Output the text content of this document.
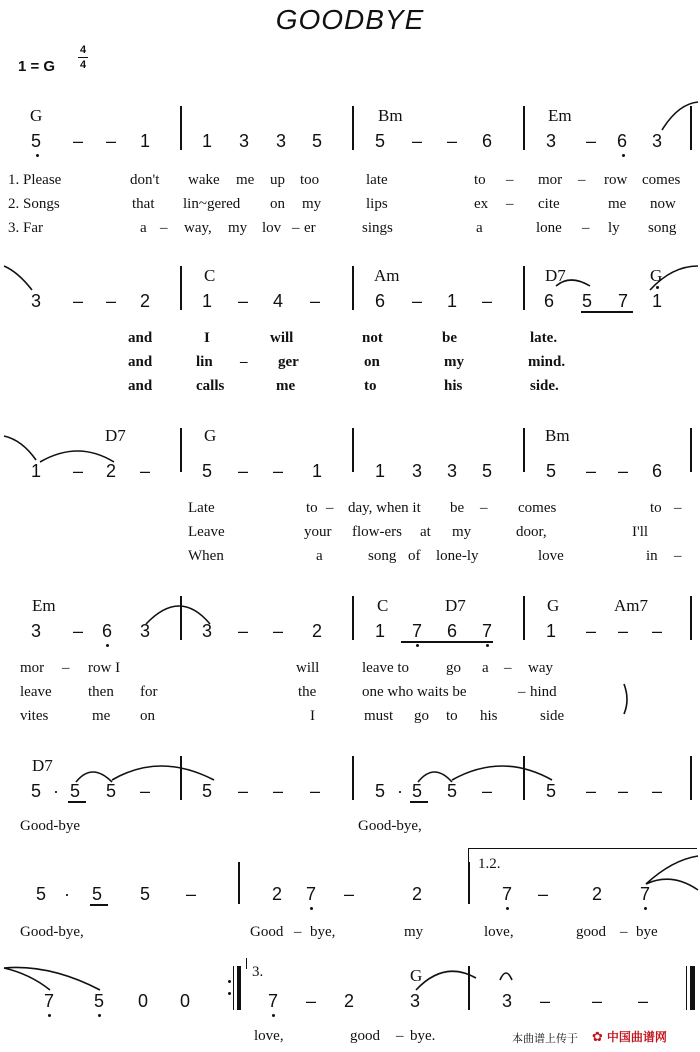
GOODBYE
1 = G
4
4
G	Bm	Em
C	Am	D7	G
D7	G	Bm
Em	C	D7	G	Am7
D7
G
5 – – 1	1 3 3 5	5 – – 6	3 – 6 3
3 – – 2	1 – 4 –	6 – 1 –	6 5 7 1
1 – 2 –	5 – – 1	1 3 3 5	5 – – 6
3 – 6 3	3 – – 2	1 7 6 7	1 – – –
5 · 5 5 –	5 – – –	5 · 5 5 –	5 – – –
5 · 5 5 –	2 7 –	2	7 – 2 7
7 5 0 0	7 – 2	3	3 – – –
1. Please	don't wake me up too	late	to – mor – row comes
2. Songs	that lin~gered on my	lips	ex – cite	me now
3. Far	a – way, my lov – er	sings	a	lone – ly song
and	I	will	not	be	late.
and	lin – ger	on	my	mind.
and	calls	me	to	his	side.
Late	to – day, when it be – comes	to –
Leave	your flow-ers at my	door,	I'll
When	a	song of lone-ly	love	in –
mor – row I	will	leave to go a – way
leave then for	the	one who waits be	– hind
vites	me on	I	must go to his	side
Good-bye	Good-bye,
Good-bye,	Good – bye,	my	love,	good – bye
love,	good – bye.
1.2.
3.
本曲谱上传于 ✿ 中国曲谱网
